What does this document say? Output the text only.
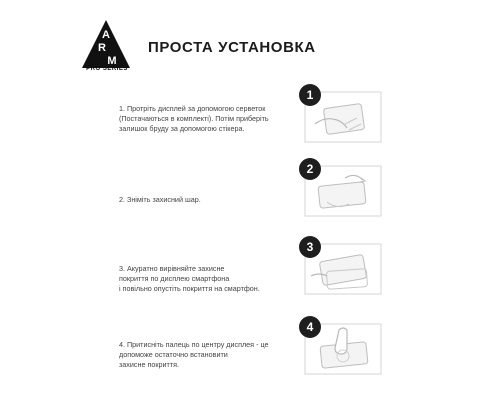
A
R
M
PRO SERIES
ПРОСТА УСТАНОВКА
1. Протріть дисплей за допомогою серветок
(Постачаються в комплекті). Потім приберіть
залишок бруду за допомогою стікера.
1
2. Зніміть захисний шар.
2
3. Акуратно вирівняйте захисне
покриття по дисплею смартфона
і повільно опустіть покриття на смартфон.
3
4. Притисніть палець по центру дисплея - це
допоможе остаточно встановити
захисне покриття.
4
